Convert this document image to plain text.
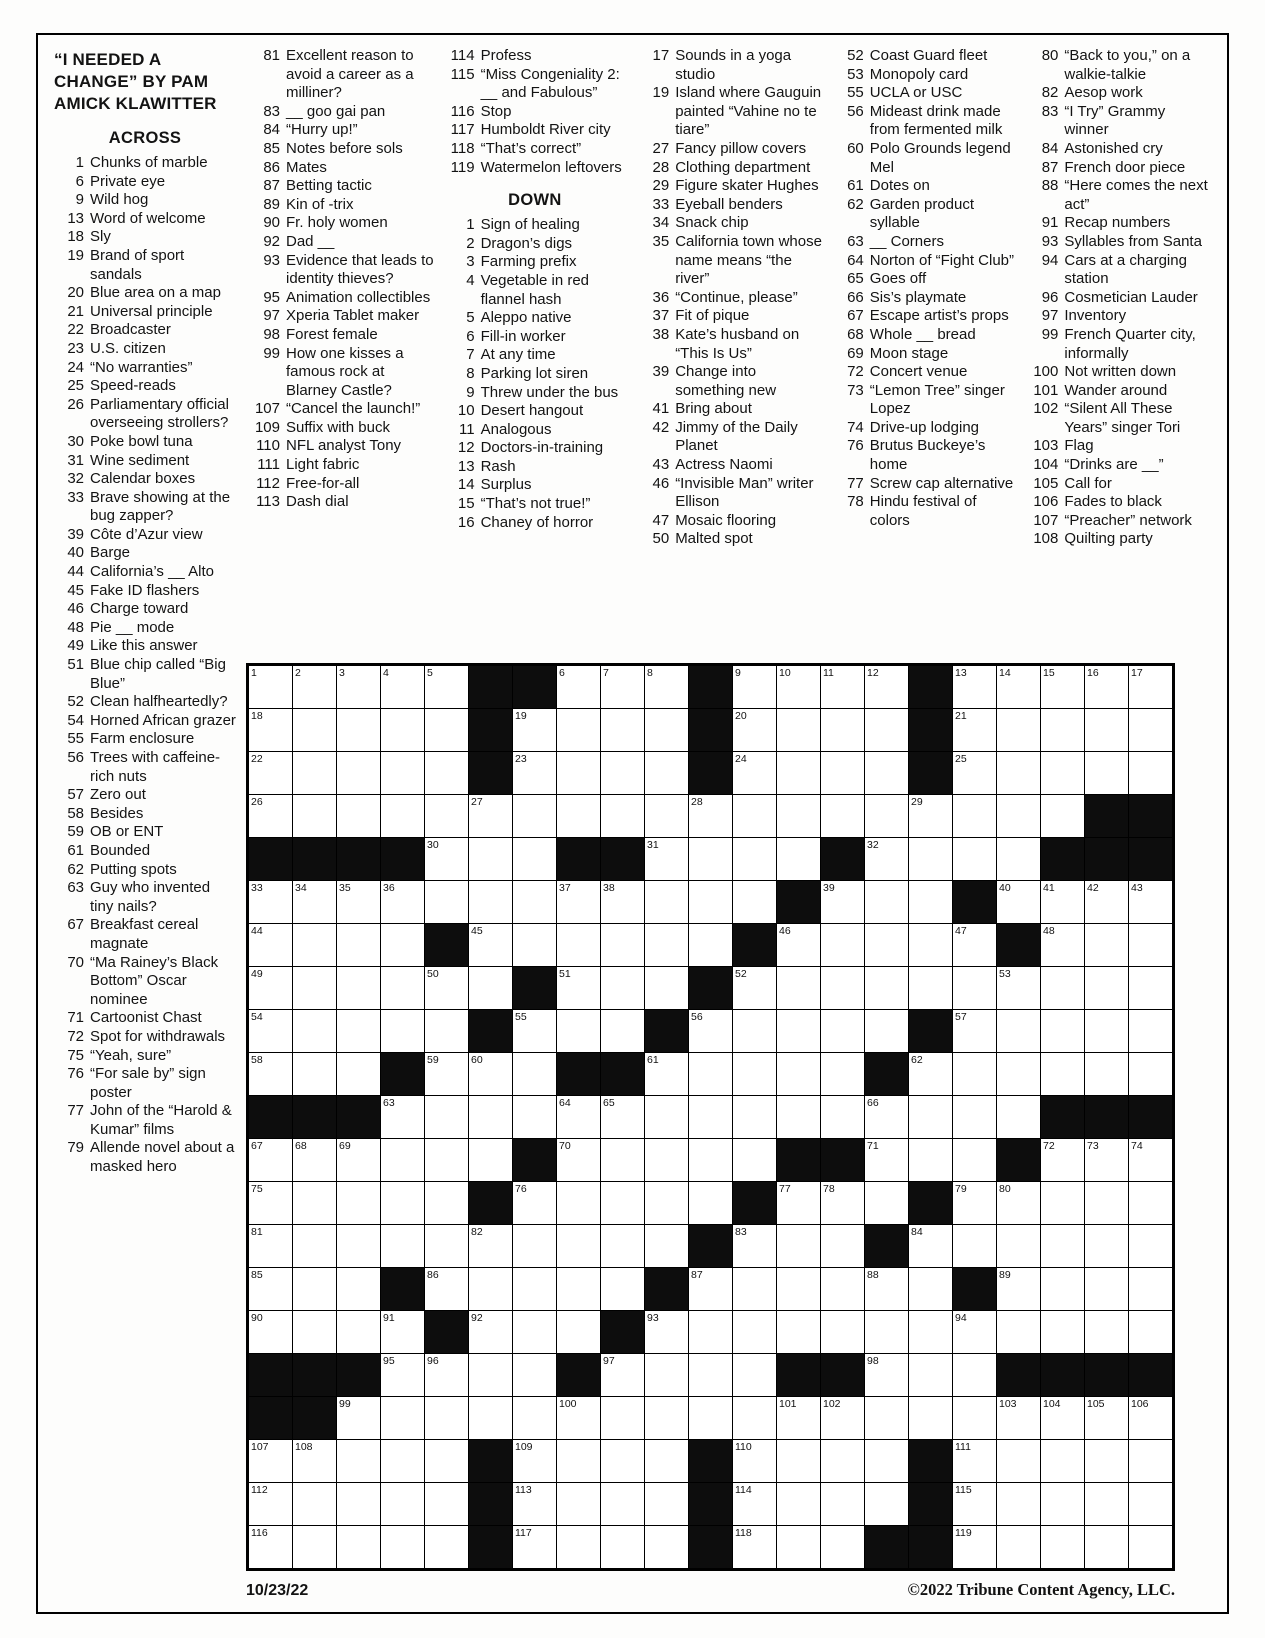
“I NEEDED A CHANGE” BY PAM AMICK KLAWITTER
ACROSS
1 Chunks of marble
6 Private eye
9 Wild hog
13 Word of welcome
18 Sly
19 Brand of sport sandals
20 Blue area on a map
21 Universal principle
22 Broadcaster
23 U.S. citizen
24 “No warranties”
25 Speed-reads
26 Parliamentary official overseeing strollers?
30 Poke bowl tuna
31 Wine sediment
32 Calendar boxes
33 Brave showing at the bug zapper?
39 Côte d’Azur view
40 Barge
44 California’s __ Alto
45 Fake ID flashers
46 Charge toward
48 Pie __ mode
49 Like this answer
51 Blue chip called “Big Blue”
52 Clean halfheartedly?
54 Horned African grazer
55 Farm enclosure
56 Trees with caffeine-rich nuts
57 Zero out
58 Besides
59 OB or ENT
61 Bounded
62 Putting spots
63 Guy who invented tiny nails?
67 Breakfast cereal magnate
70 “Ma Rainey’s Black Bottom” Oscar nominee
71 Cartoonist Chast
72 Spot for withdrawals
75 “Yeah, sure”
76 “For sale by” sign poster
77 John of the “Harold & Kumar” films
79 Allende novel about a masked hero
81 Excellent reason to avoid a career as a milliner?
83 __ goo gai pan
84 “Hurry up!”
85 Notes before sols
86 Mates
87 Betting tactic
89 Kin of -trix
90 Fr. holy women
92 Dad __
93 Evidence that leads to identity thieves?
95 Animation collectibles
97 Xperia Tablet maker
98 Forest female
99 How one kisses a famous rock at Blarney Castle?
107 “Cancel the launch!”
109 Suffix with buck
110 NFL analyst Tony
111 Light fabric
112 Free-for-all
113 Dash dial
114 Profess
115 “Miss Congeniality 2: __ and Fabulous”
116 Stop
117 Humboldt River city
118 “That’s correct”
119 Watermelon leftovers
DOWN
1 Sign of healing
2 Dragon’s digs
3 Farming prefix
4 Vegetable in red flannel hash
5 Aleppo native
6 Fill-in worker
7 At any time
8 Parking lot siren
9 Threw under the bus
10 Desert hangout
11 Analogous
12 Doctors-in-training
13 Rash
14 Surplus
15 “That’s not true!”
16 Chaney of horror
17 Sounds in a yoga studio
19 Island where Gauguin painted “Vahine no te tiare”
27 Fancy pillow covers
28 Clothing department
29 Figure skater Hughes
33 Eyeball benders
34 Snack chip
35 California town whose name means “the river”
36 “Continue, please”
37 Fit of pique
38 Kate’s husband on “This Is Us”
39 Change into something new
41 Bring about
42 Jimmy of the Daily Planet
43 Actress Naomi
46 “Invisible Man” writer Ellison
47 Mosaic flooring
50 Malted spot
52 Coast Guard fleet
53 Monopoly card
55 UCLA or USC
56 Mideast drink made from fermented milk
60 Polo Grounds legend Mel
61 Dotes on
62 Garden product syllable
63 __ Corners
64 Norton of “Fight Club”
65 Goes off
66 Sis’s playmate
67 Escape artist’s props
68 Whole __ bread
69 Moon stage
72 Concert venue
73 “Lemon Tree” singer Lopez
74 Drive-up lodging
76 Brutus Buckeye’s home
77 Screw cap alternative
78 Hindu festival of colors
80 “Back to you,” on a walkie-talkie
82 Aesop work
83 “I Try” Grammy winner
84 Astonished cry
87 French door piece
88 “Here comes the next act”
91 Recap numbers
93 Syllables from Santa
94 Cars at a charging station
96 Cosmetician Lauder
97 Inventory
99 French Quarter city, informally
100 Not written down
101 Wander around
102 “Silent All These Years” singer Tori
103 Flag
104 “Drinks are __”
105 Call for
106 Fades to black
107 “Preacher” network
108 Quilting party
1	2	3	4	5	6	7	8	9	10	11	12	13	14	15	16	17
18	19	20	21
22	23	24	25
26	27	28	29
30	31	32
33	34	35	36	37	38	39	40	41	42	43
44	45	46	47	48
49	50	51	52	53
54	55	56	57
58	59	60	61	62
63	64	65	66
67	68	69	70	71	72	73	74
75	76	77	78	79	80
81	82	83	84
85	86	87	88	89
90	91	92	93	94
95	96	97	98
99	100	101	102	103	104	105	106
107	108	109	110	111
112	113	114	115
116	117	118	119
10/23/22	©2022 Tribune Content Agency, LLC.
